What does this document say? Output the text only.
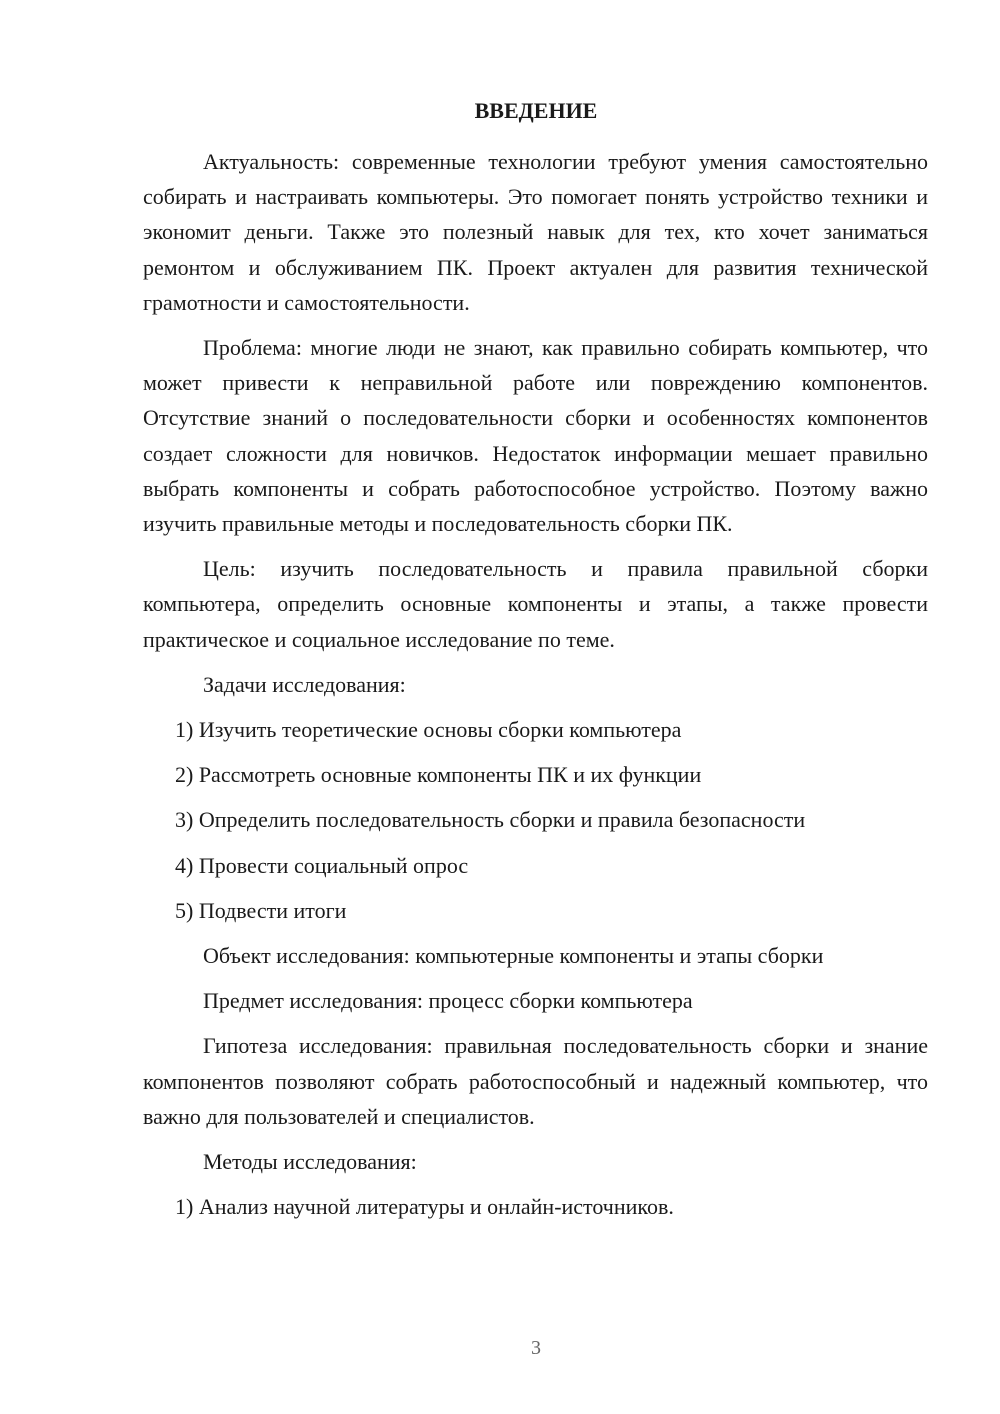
ВВЕДЕНИЕ

Актуальность: современные технологии требуют умения самостоятельно собирать и настраивать компьютеры. Это помогает понять устройство техники и экономит деньги. Также это полезный навык для тех, кто хочет заниматься ремонтом и обслуживанием ПК. Проект актуален для развития технической грамотности и самостоятельности.

Проблема: многие люди не знают, как правильно собирать компьютер, что может привести к неправильной работе или повреждению компонентов. Отсутствие знаний о последовательности сборки и особенностях компонентов создает сложности для новичков. Недостаток информации мешает правильно выбрать компоненты и собрать работоспособное устройство. Поэтому важно изучить правильные методы и последовательность сборки ПК.

Цель: изучить последовательность и правила правильной сборки компьютера, определить основные компоненты и этапы, а также провести практическое и социальное исследование по теме.

Задачи исследования:
1) Изучить теоретические основы сборки компьютера
2) Рассмотреть основные компоненты ПК и их функции
3) Определить последовательность сборки и правила безопасности
4) Провести социальный опрос
5) Подвести итоги
Объект исследования: компьютерные компоненты и этапы сборки
Предмет исследования: процесс сборки компьютера

Гипотеза исследования: правильная последовательность сборки и знание компонентов позволяют собрать работоспособный и надежный компьютер, что важно для пользователей и специалистов.

Методы исследования:
1) Анализ научной литературы и онлайн-источников.
3
